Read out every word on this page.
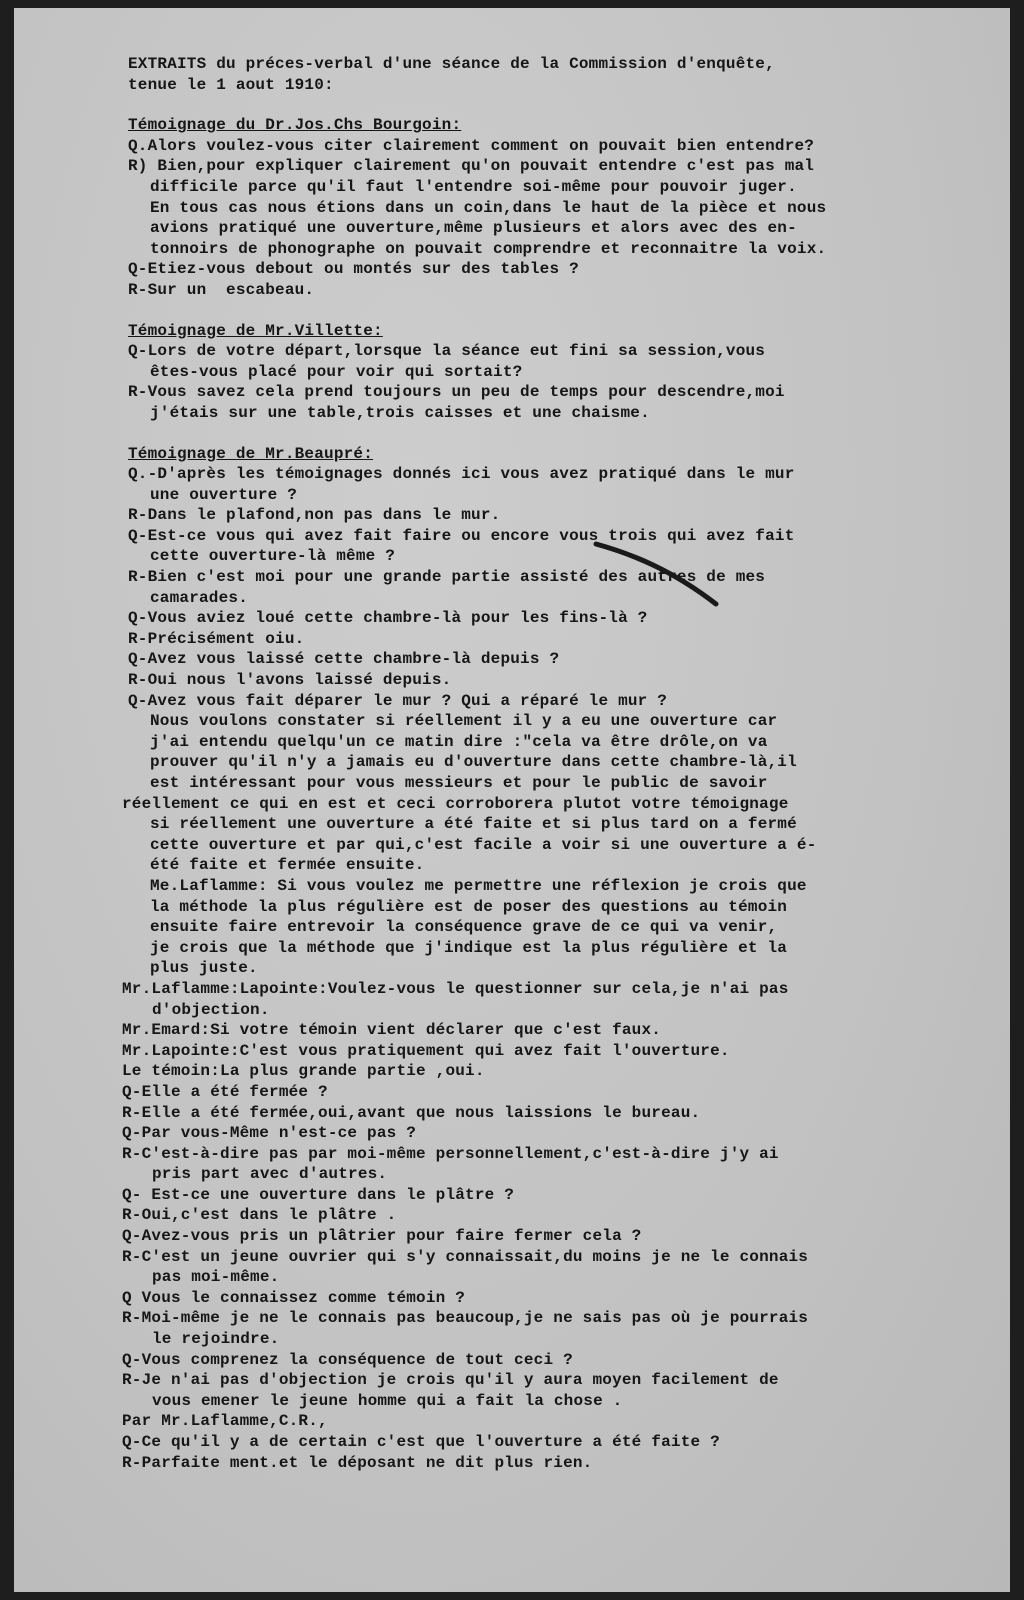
EXTRAITS du préces-verbal d'une séance de la Commission d'enquête,
tenue le 1 aout 1910:
Témoignage du Dr.Jos.Chs Bourgoin:
Q.Alors voulez-vous citer clairement comment on pouvait bien entendre?
R) Bien,pour expliquer clairement qu'on pouvait entendre c'est pas mal
difficile parce qu'il faut l'entendre soi-même pour pouvoir juger.
En tous cas nous étions dans un coin,dans le haut de la pièce et nous
avions pratiqué une ouverture,même plusieurs et alors avec des en-
tonnoirs de phonographe on pouvait comprendre et reconnaitre la voix.
Q-Etiez-vous debout ou montés sur des tables ?
R-Sur un  escabeau.
Témoignage de Mr.Villette:
Q-Lors de votre départ,lorsque la séance eut fini sa session,vous
êtes-vous placé pour voir qui sortait?
R-Vous savez cela prend toujours un peu de temps pour descendre,moi
j'étais sur une table,trois caisses et une chaisme.
Témoignage de Mr.Beaupré:
Q.-D'après les témoignages donnés ici vous avez pratiqué dans le mur
une ouverture ?
R-Dans le plafond,non pas dans le mur.
Q-Est-ce vous qui avez fait faire ou encore vous trois qui avez fait
cette ouverture-là même ?
R-Bien c'est moi pour une grande partie assisté des autres de mes
camarades.
Q-Vous aviez loué cette chambre-là pour les fins-là ?
R-Précisément oiu.
Q-Avez vous laissé cette chambre-là depuis ?
R-Oui nous l'avons laissé depuis.
Q-Avez vous fait déparer le mur ? Qui a réparé le mur ?
Nous voulons constater si réellement il y a eu une ouverture car
j'ai entendu quelqu'un ce matin dire :"cela va être drôle,on va
prouver qu'il n'y a jamais eu d'ouverture dans cette chambre-là,il
est intéressant pour vous messieurs et pour le public de savoir
réellement ce qui en est et ceci corroborera plutot votre témoignage
si réellement une ouverture a été faite et si plus tard on a fermé
cette ouverture et par qui,c'est facile a voir si une ouverture a é-
été faite et fermée ensuite.
Me.Laflamme: Si vous voulez me permettre une réflexion je crois que
la méthode la plus régulière est de poser des questions au témoin
ensuite faire entrevoir la conséquence grave de ce qui va venir,
je crois que la méthode que j'indique est la plus régulière et la
plus juste.
Mr.Laflamme:Lapointe:Voulez-vous le questionner sur cela,je n'ai pas
d'objection.
Mr.Emard:Si votre témoin vient déclarer que c'est faux.
Mr.Lapointe:C'est vous pratiquement qui avez fait l'ouverture.
Le témoin:La plus grande partie ,oui.
Q-Elle a été fermée ?
R-Elle a été fermée,oui,avant que nous laissions le bureau.
Q-Par vous-Même n'est-ce pas ?
R-C'est-à-dire pas par moi-même personnellement,c'est-à-dire j'y ai
pris part avec d'autres.
Q- Est-ce une ouverture dans le plâtre ?
R-Oui,c'est dans le plâtre .
Q-Avez-vous pris un plâtrier pour faire fermer cela ?
R-C'est un jeune ouvrier qui s'y connaissait,du moins je ne le connais
pas moi-même.
Q Vous le connaissez comme témoin ?
R-Moi-même je ne le connais pas beaucoup,je ne sais pas où je pourrais
le rejoindre.
Q-Vous comprenez la conséquence de tout ceci ?
R-Je n'ai pas d'objection je crois qu'il y aura moyen facilement de
vous emener le jeune homme qui a fait la chose .
Par Mr.Laflamme,C.R.,
Q-Ce qu'il y a de certain c'est que l'ouverture a été faite ?
R-Parfaite ment.et le déposant ne dit plus rien.
